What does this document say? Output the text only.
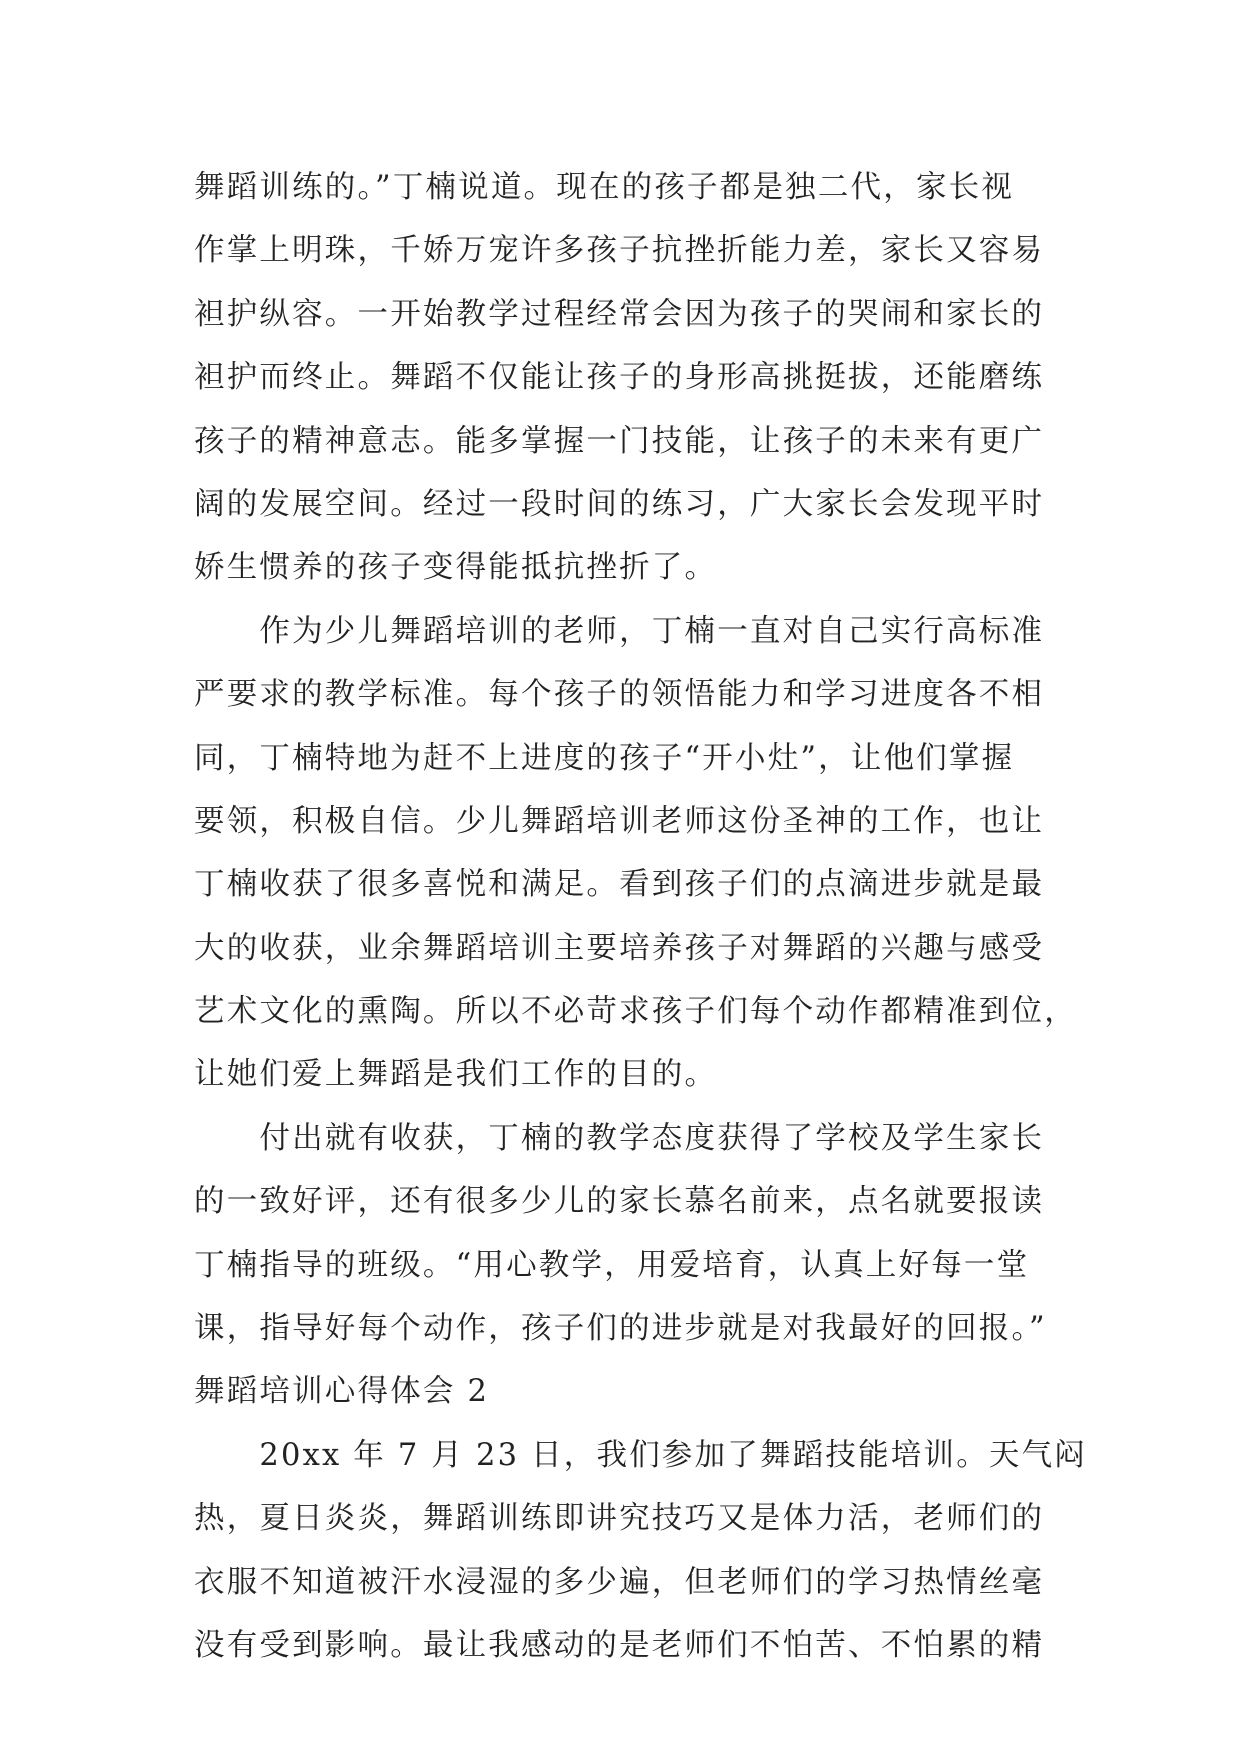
舞蹈训练的。”丁楠说道。现在的孩子都是独二代，家长视
作掌上明珠，千娇万宠许多孩子抗挫折能力差，家长又容易
袒护纵容。一开始教学过程经常会因为孩子的哭闹和家长的
袒护而终止。舞蹈不仅能让孩子的身形高挑挺拔，还能磨练
孩子的精神意志。能多掌握一门技能，让孩子的未来有更广
阔的发展空间。经过一段时间的练习，广大家长会发现平时
娇生惯养的孩子变得能抵抗挫折了。
　　作为少儿舞蹈培训的老师，丁楠一直对自己实行高标准
严要求的教学标准。每个孩子的领悟能力和学习进度各不相
同，丁楠特地为赶不上进度的孩子“开小灶”，让他们掌握
要领，积极自信。少儿舞蹈培训老师这份圣神的工作，也让
丁楠收获了很多喜悦和满足。看到孩子们的点滴进步就是最
大的收获，业余舞蹈培训主要培养孩子对舞蹈的兴趣与感受
艺术文化的熏陶。所以不必苛求孩子们每个动作都精准到位，
让她们爱上舞蹈是我们工作的目的。
　　付出就有收获，丁楠的教学态度获得了学校及学生家长
的一致好评，还有很多少儿的家长慕名前来，点名就要报读
丁楠指导的班级。“用心教学，用爱培育，认真上好每一堂
课，指导好每个动作，孩子们的进步就是对我最好的回报。”
舞蹈培训心得体会 2
　　20xx 年 7 月 23 日，我们参加了舞蹈技能培训。天气闷
热，夏日炎炎，舞蹈训练即讲究技巧又是体力活，老师们的
衣服不知道被汗水浸湿的多少遍，但老师们的学习热情丝毫
没有受到影响。最让我感动的是老师们不怕苦、不怕累的精
